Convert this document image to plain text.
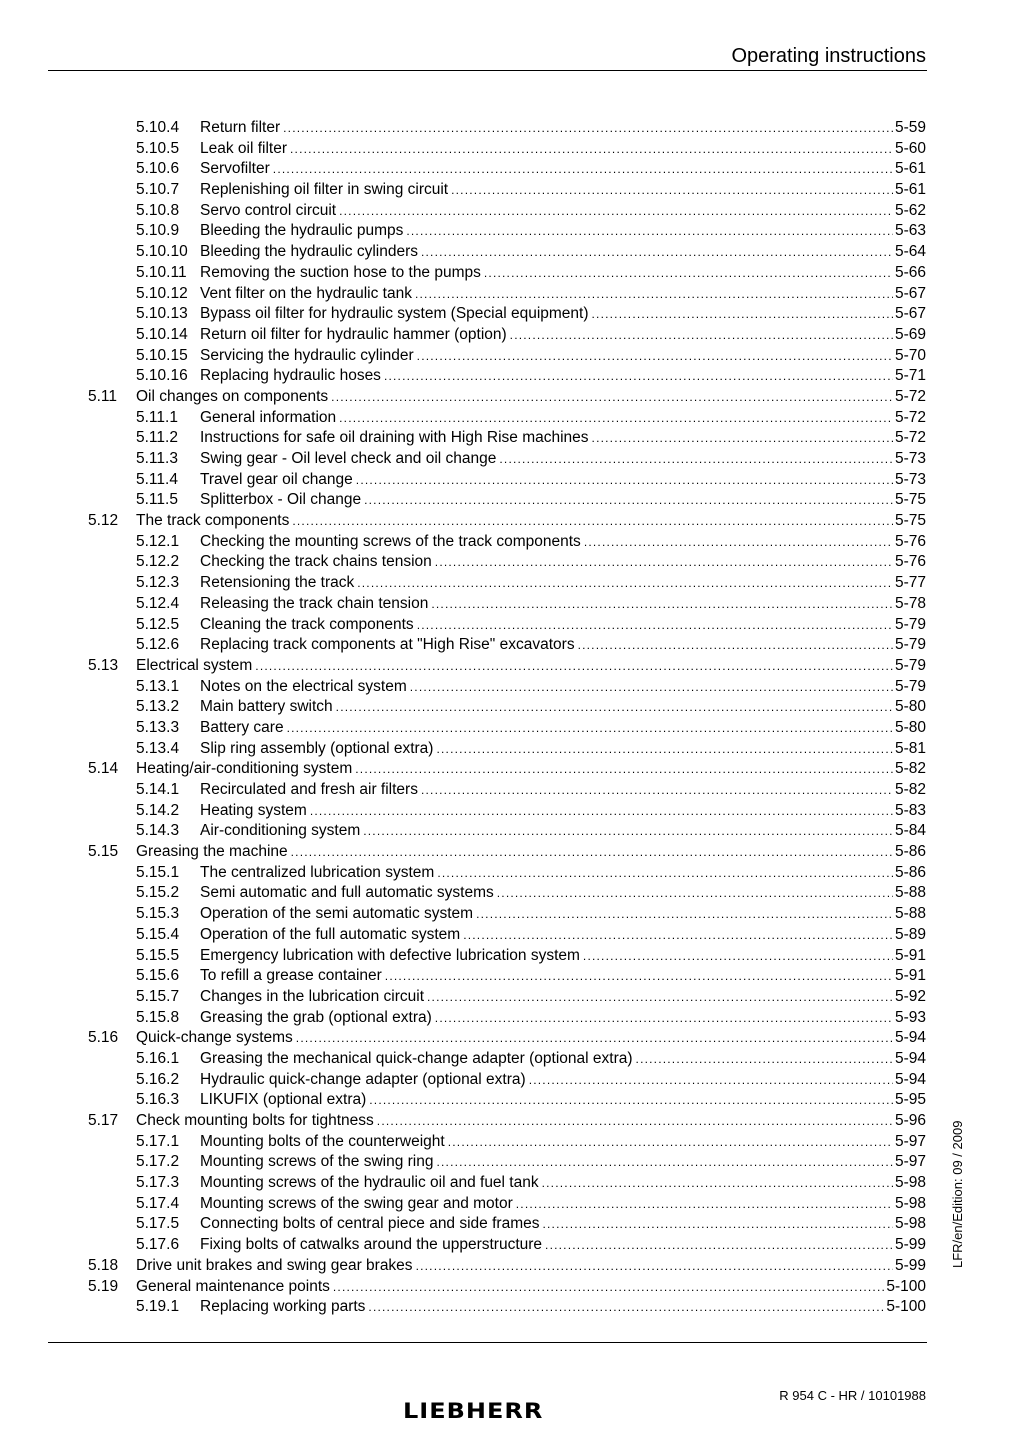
Operating instructions
5.10.4 Return filter .....	5-59
5.10.5 Leak oil filter .....	5-60
5.10.6 Servofilter .....	5-61
5.10.7 Replenishing oil filter in swing circuit .....	5-61
5.10.8 Servo control circuit .....	5-62
5.10.9 Bleeding the hydraulic pumps .....	5-63
5.10.10 Bleeding the hydraulic cylinders .....	5-64
5.10.11 Removing the suction hose to the pumps .....	5-66
5.10.12 Vent filter on the hydraulic tank .....	5-67
5.10.13 Bypass oil filter for hydraulic system (Special equipment) .....	5-67
5.10.14 Return oil filter for hydraulic hammer (option) .....	5-69
5.10.15 Servicing the hydraulic cylinder .....	5-70
5.10.16 Replacing hydraulic hoses .....	5-71
5.11 Oil changes on components .....	5-72
5.11.1 General information .....	5-72
5.11.2 Instructions for safe oil draining with High Rise machines .....	5-72
5.11.3 Swing gear - Oil level check and oil change .....	5-73
5.11.4 Travel gear oil change .....	5-73
5.11.5 Splitterbox - Oil change .....	5-75
5.12 The track components .....	5-75
5.12.1 Checking the mounting screws of the track components .....	5-76
5.12.2 Checking the track chains tension .....	5-76
5.12.3 Retensioning the track .....	5-77
5.12.4 Releasing the track chain tension .....	5-78
5.12.5 Cleaning the track components .....	5-79
5.12.6 Replacing track components at "High Rise" excavators .....	5-79
5.13 Electrical system .....	5-79
5.13.1 Notes on the electrical system .....	5-79
5.13.2 Main battery switch .....	5-80
5.13.3 Battery care .....	5-80
5.13.4 Slip ring assembly (optional extra) .....	5-81
5.14 Heating/air-conditioning system .....	5-82
5.14.1 Recirculated and fresh air filters .....	5-82
5.14.2 Heating system .....	5-83
5.14.3 Air-conditioning system .....	5-84
5.15 Greasing the machine .....	5-86
5.15.1 The centralized lubrication system .....	5-86
5.15.2 Semi automatic and full automatic systems .....	5-88
5.15.3 Operation of the semi automatic system .....	5-88
5.15.4 Operation of the full automatic system .....	5-89
5.15.5 Emergency lubrication with defective lubrication system .....	5-91
5.15.6 To refill a grease container .....	5-91
5.15.7 Changes in the lubrication circuit .....	5-92
5.15.8 Greasing the grab (optional extra) .....	5-93
5.16 Quick-change systems .....	5-94
5.16.1 Greasing the mechanical quick-change adapter (optional extra) .....	5-94
5.16.2 Hydraulic quick-change adapter (optional extra) .....	5-94
5.16.3 LIKUFIX (optional extra) .....	5-95
5.17 Check mounting bolts for tightness .....	5-96
5.17.1 Mounting bolts of the counterweight .....	5-97
5.17.2 Mounting screws of the swing ring .....	5-97
5.17.3 Mounting screws of the hydraulic oil and fuel tank .....	5-98
5.17.4 Mounting screws of the swing gear and motor .....	5-98
5.17.5 Connecting bolts of central piece and side frames .....	5-98
5.17.6 Fixing bolts of catwalks around the upperstructure .....	5-99
5.18 Drive unit brakes and swing gear brakes .....	5-99
5.19 General maintenance points .....	5-100
5.19.1 Replacing working parts .....	5-100
LFR/en/Edition: 09 / 2009
R 954 C - HR / 10101988
LIEBHERR
